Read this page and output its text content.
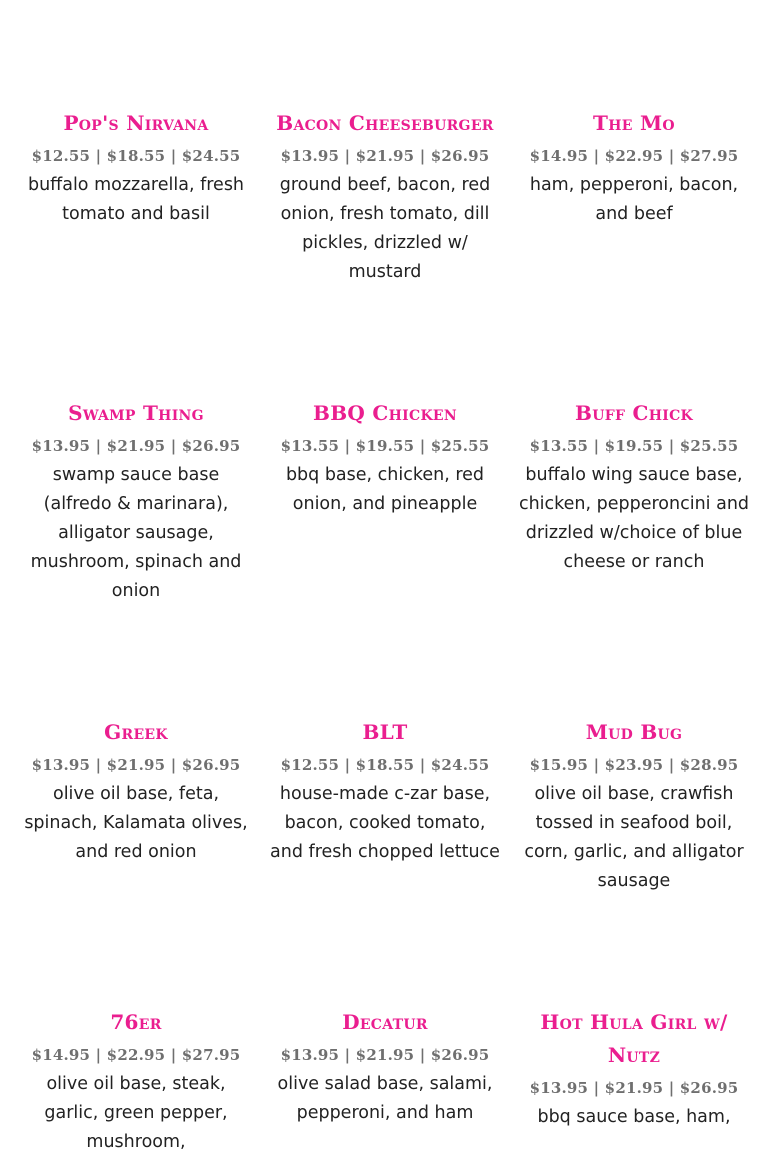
Pop's Nirvana
$12.55 | $18.55 | $24.55
buffalo mozzarella, fresh tomato and basil
Bacon Cheeseburger
$13.95 | $21.95 | $26.95
ground beef, bacon, red onion, fresh tomato, dill pickles, drizzled w/ mustard
The Mo
$14.95 | $22.95 | $27.95
ham, pepperoni, bacon, and beef
Swamp Thing
$13.95 | $21.95 | $26.95
swamp sauce base (alfredo & marinara), alligator sausage, mushroom, spinach and onion
BBQ Chicken
$13.55 | $19.55 | $25.55
bbq base, chicken, red onion, and pineapple
Buff Chick
$13.55 | $19.55 | $25.55
buffalo wing sauce base, chicken, pepperoncini and drizzled w/choice of blue cheese or ranch
Greek
$13.95 | $21.95 | $26.95
olive oil base, feta, spinach, Kalamata olives, and red onion
BLT
$12.55 | $18.55 | $24.55
house-made c-zar base, bacon, cooked tomato, and fresh chopped lettuce
Mud Bug
$15.95 | $23.95 | $28.95
olive oil base, crawfish tossed in seafood boil, corn, garlic, and alligator sausage
76er
$14.95 | $22.95 | $27.95
olive oil base, steak, garlic, green pepper, mushroom,
Decatur
$13.95 | $21.95 | $26.95
olive salad base, salami, pepperoni, and ham
Hot Hula Girl w/ Nutz
$13.95 | $21.95 | $26.95
bbq sauce base, ham,
